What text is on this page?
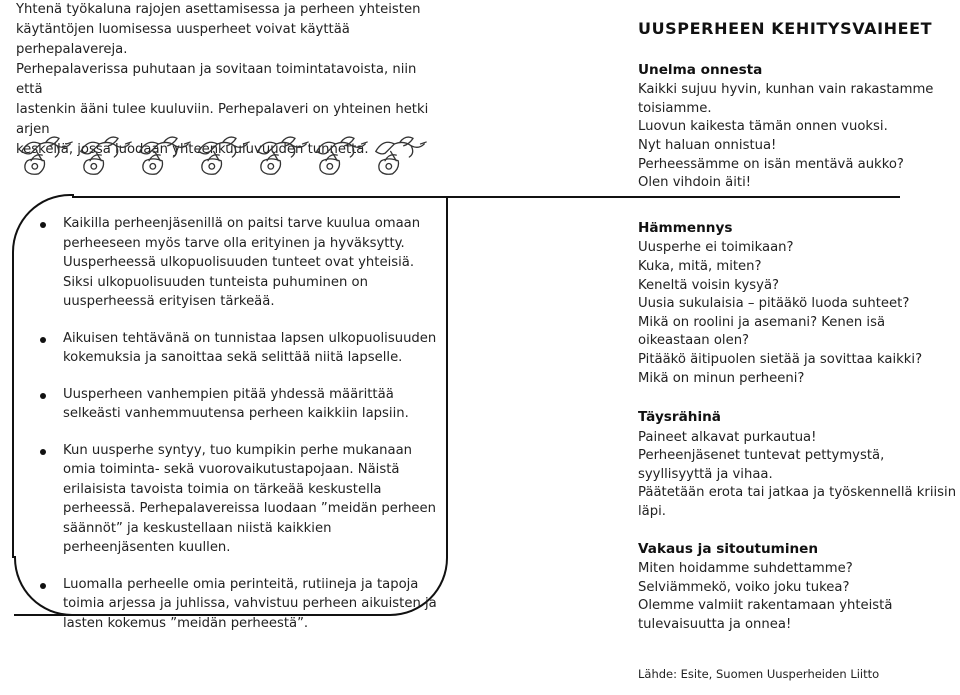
Yhtenä työkaluna rajojen asettamisessa ja perheen yhteisten

käytäntöjen luomisessa uusperheet voivat käyttää perhepalavereja.

Perhepalaverissa puhutaan ja sovitaan toimintatavoista, niin että

lastenkin ääni tulee kuuluviin. Perhepalaveri on yhteinen hetki arjen

keskellä, jossa luodaan yhteenkuuluvuuden tunnetta.

Kaikilla perheenjäsenillä on paitsi tarve kuulua omaan perheeseen myös tarve olla erityinen ja hyväksytty. Uusperheessä ulkopuolisuuden tunteet ovat yhteisiä. Siksi ulkopuolisuuden tunteista puhuminen on uusperheessä erityisen tärkeää.
Aikuisen tehtävänä on tunnistaa lapsen ulkopuolisuuden kokemuksia ja sanoittaa sekä selittää niitä lapselle.
Uusperheen vanhempien pitää yhdessä määrittää selkeästi vanhemmuutensa perheen kaikkiin lapsiin.
Kun uusperhe syntyy, tuo kumpikin perhe mukanaan omia toiminta- sekä vuorovaikutustapojaan. Näistä erilaisista tavoista toimia on tärkeää keskustella perheessä. Perhepalavereissa luodaan ”meidän perheen säännöt” ja keskustellaan niistä kaikkien perheenjäsenten kuullen.
Luomalla perheelle omia perinteitä, rutiineja ja tapoja toimia arjessa ja juhlissa, vahvistuu perheen aikuisten ja lasten kokemus ”meidän perheestä”.
UUSPERHEEN KEHITYSVAIHEET

Unelma onnesta

Kaikki sujuu hyvin, kunhan vain rakastamme toisiamme.

Luovun kaikesta tämän onnen vuoksi.

Nyt haluan onnistua!

Perheessämme on isän mentävä aukko?

Olen vihdoin äiti!

Hämmennys

Uusperhe ei toimikaan?

Kuka, mitä, miten?

Keneltä voisin kysyä?

Uusia sukulaisia – pitääkö luoda suhteet?

Mikä on roolini ja asemani? Kenen isä oikeastaan olen?

Pitääkö äitipuolen sietää ja sovittaa kaikki?

Mikä on minun perheeni?

Täysrähinä

Paineet alkavat purkautua!

Perheenjäsenet tuntevat pettymystä, syyllisyyttä ja vihaa.

Päätetään erota tai jatkaa ja työskennellä kriisin läpi.

Vakaus ja sitoutuminen

Miten hoidamme suhdettamme?

Selviämmekö, voiko joku tukea?

Olemme valmiit rakentamaan yhteistä tulevaisuutta ja onnea!

Lähde: Esite, Suomen Uusperheiden Liitto
